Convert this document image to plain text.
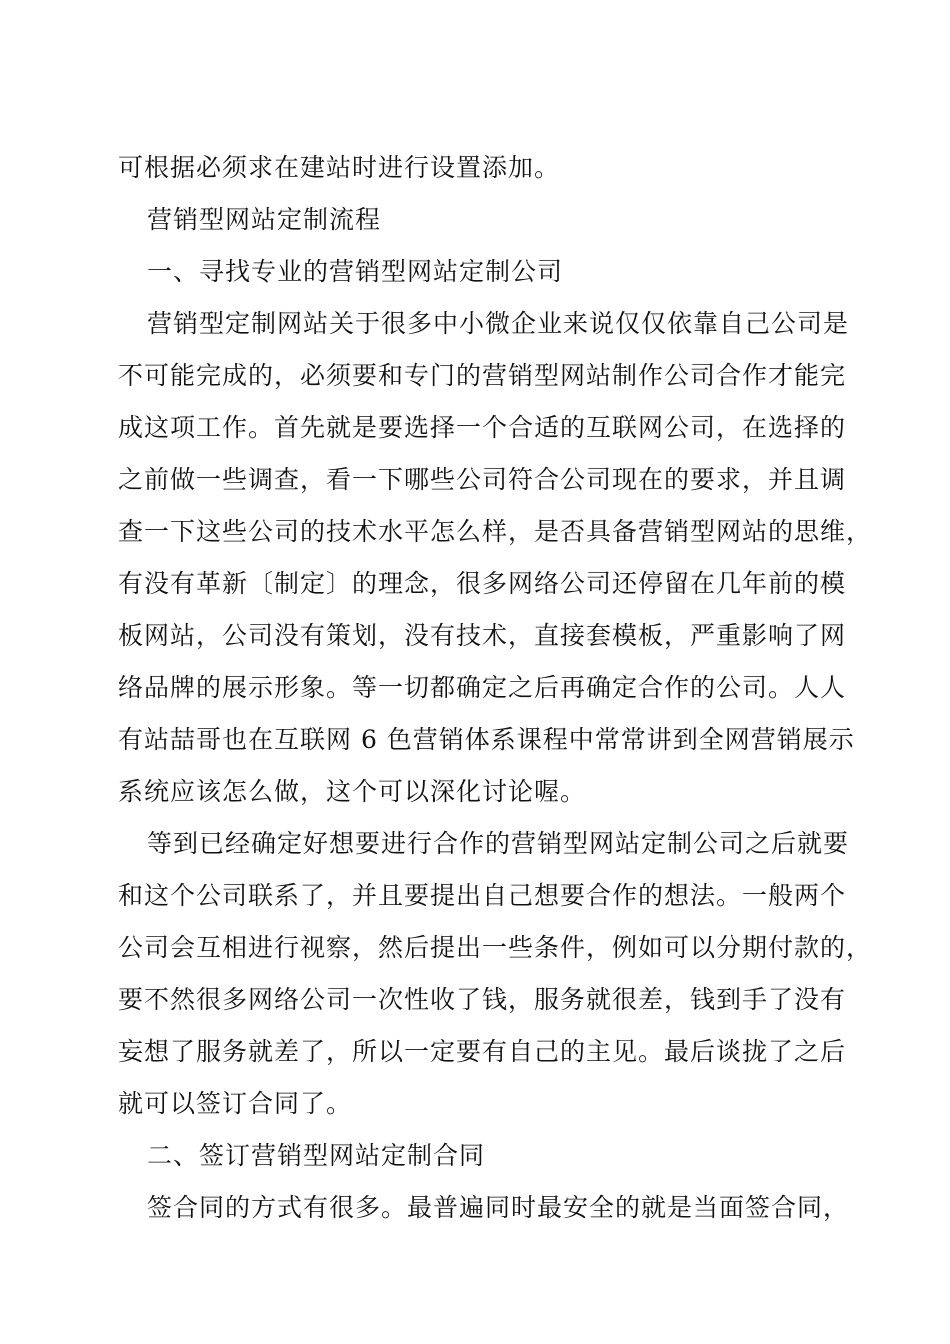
可根据必须求在建站时进行设置添加。
营销型网站定制流程
一、寻找专业的营销型网站定制公司
营销型定制网站关于很多中小微企业来说仅仅依靠自己公司是
不可能完成的，必须要和专门的营销型网站制作公司合作才能完
成这项工作。首先就是要选择一个合适的互联网公司，在选择的
之前做一些调查，看一下哪些公司符合公司现在的要求，并且调
查一下这些公司的技术水平怎么样，是否具备营销型网站的思维，
有没有革新〔制定〕的理念，很多网络公司还停留在几年前的模
板网站，公司没有策划，没有技术，直接套模板，严重影响了网
络品牌的展示形象。等一切都确定之后再确定合作的公司。人人
有站喆哥也在互联网 6 色营销体系课程中常常讲到全网营销展示
系统应该怎么做，这个可以深化讨论喔。
等到已经确定好想要进行合作的营销型网站定制公司之后就要
和这个公司联系了，并且要提出自己想要合作的想法。一般两个
公司会互相进行视察，然后提出一些条件，例如可以分期付款的，
要不然很多网络公司一次性收了钱，服务就很差，钱到手了没有
妄想了服务就差了，所以一定要有自己的主见。最后谈拢了之后
就可以签订合同了。
二、签订营销型网站定制合同
签合同的方式有很多。最普遍同时最安全的就是当面签合同，
